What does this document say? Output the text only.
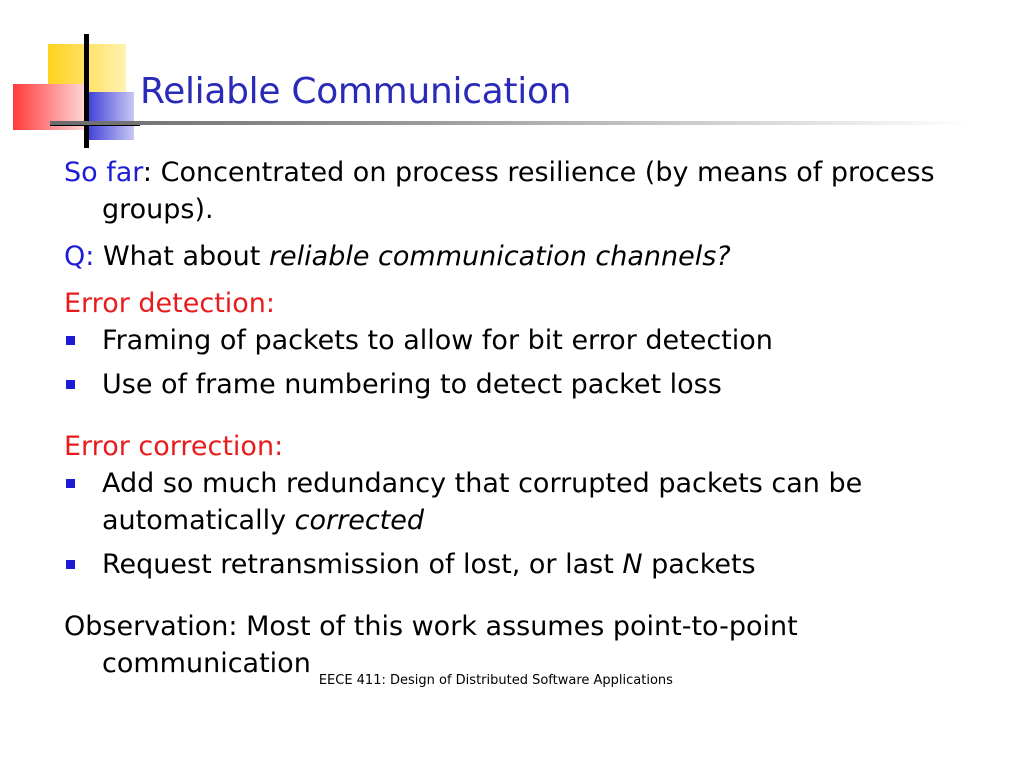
Reliable Communication

So far: Concentrated on process resilience (by means of process groups).

Q: What about reliable communication channels?

Error detection:

Framing of packets to allow for bit error detection
Use of frame numbering to detect packet loss

Error correction:

Add so much redundancy that corrupted packets can be automatically corrected
Request retransmission of lost, or last N packets

Observation: Most of this work assumes point-to-point communication$_{EECE 411: Design of Distributed Software Applications}$
